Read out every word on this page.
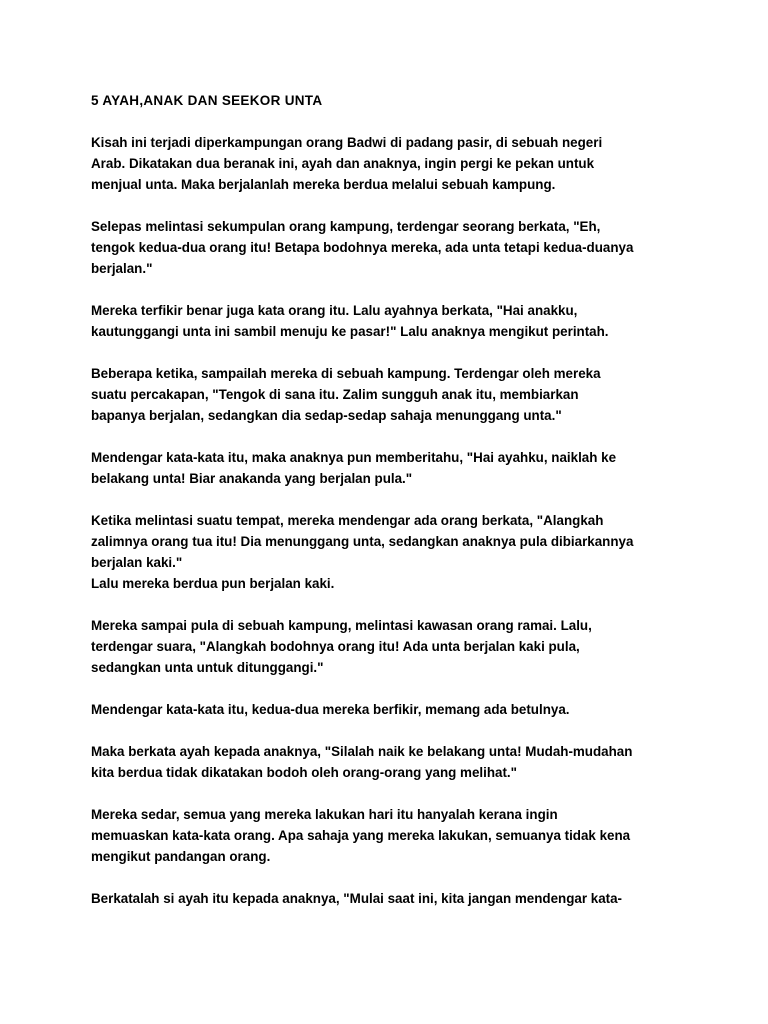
5 AYAH,ANAK DAN SEEKOR UNTA
Kisah ini terjadi diperkampungan orang Badwi di padang pasir, di sebuah negeri
Arab. Dikatakan dua beranak ini, ayah dan anaknya, ingin pergi ke pekan untuk
menjual unta. Maka berjalanlah mereka berdua melalui sebuah kampung.
Selepas melintasi sekumpulan orang kampung, terdengar seorang berkata, "Eh,
tengok kedua-dua orang itu! Betapa bodohnya mereka, ada unta tetapi kedua-duanya
berjalan."
Mereka terfikir benar juga kata orang itu. Lalu ayahnya berkata, "Hai anakku,
kautunggangi unta ini sambil menuju ke pasar!" Lalu anaknya mengikut perintah.
Beberapa ketika, sampailah mereka di sebuah kampung. Terdengar oleh mereka
suatu percakapan, "Tengok di sana itu. Zalim sungguh anak itu, membiarkan
bapanya berjalan, sedangkan dia sedap-sedap sahaja menunggang unta."
Mendengar kata-kata itu, maka anaknya pun memberitahu, "Hai ayahku, naiklah ke
belakang unta! Biar anakanda yang berjalan pula."
Ketika melintasi suatu tempat, mereka mendengar ada orang berkata, "Alangkah
zalimnya orang tua itu! Dia menunggang unta, sedangkan anaknya pula dibiarkannya
berjalan kaki."
Lalu mereka berdua pun berjalan kaki.
Mereka sampai pula di sebuah kampung, melintasi kawasan orang ramai. Lalu,
terdengar suara, "Alangkah bodohnya orang itu! Ada unta berjalan kaki pula,
sedangkan unta untuk ditunggangi."
Mendengar kata-kata itu, kedua-dua mereka berfikir, memang ada betulnya.
Maka berkata ayah kepada anaknya, "Silalah naik ke belakang unta! Mudah-mudahan
kita berdua tidak dikatakan bodoh oleh orang-orang yang melihat."
Mereka sedar, semua yang mereka lakukan hari itu hanyalah kerana ingin
memuaskan kata-kata orang. Apa sahaja yang mereka lakukan, semuanya tidak kena
mengikut pandangan orang.
Berkatalah si ayah itu kepada anaknya, "Mulai saat ini, kita jangan mendengar kata-
